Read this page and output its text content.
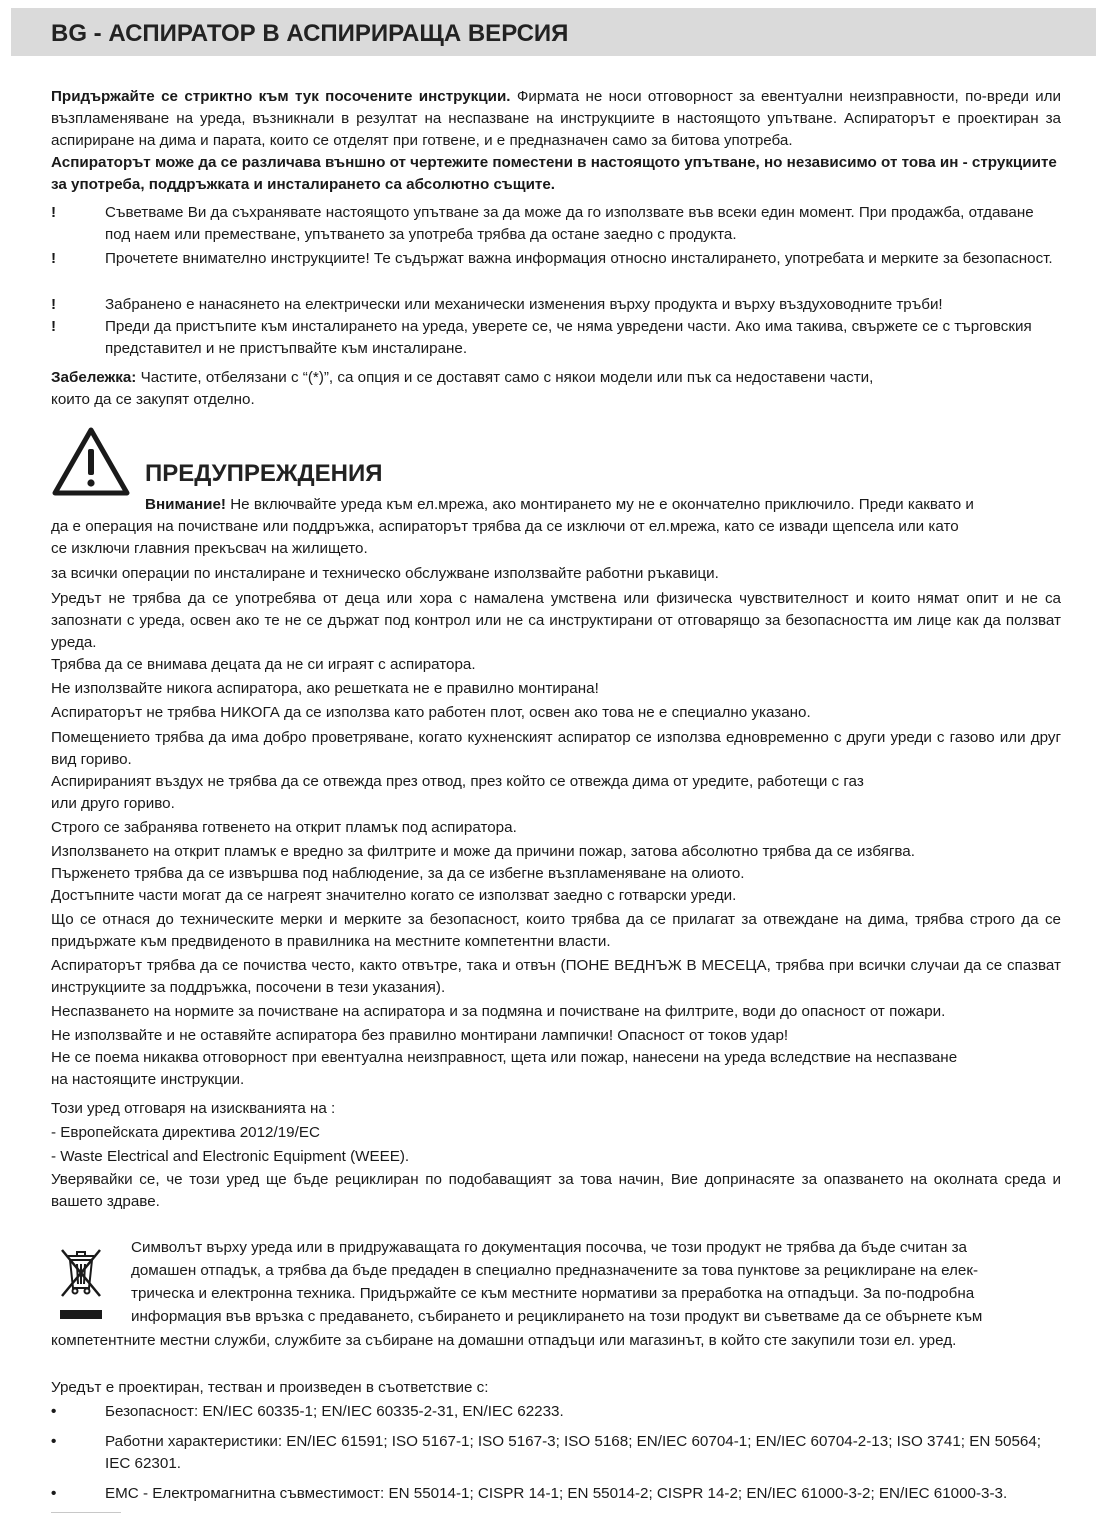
BG - АСПИРАТОР В АСПИРИРАЩА ВЕРСИЯ

Придържайте се стриктно към тук посочените инструкции. Фирмата не носи отговорност за евентуални неизправности, по-вреди или възпламеняване на уреда, възникнали в резултат на неспазване на инструкциите в настоящото упътване. Аспираторът е проектиран за аспириране на дима и парата, които се отделят при готвене, и е предназначен само за битова употреба.

Аспираторът може да се различава външно от чертежите поместени в настоящото упътване, но независимо от това ин - струкциите за употреба, поддръжката и инсталирането са абсолютно същите.

!	Съветваме Ви да съхранявате настоящото упътване за да може да го използвате във всеки един момент. При продажба, отдаване под наем или преместване, упътването за употреба трябва да остане заедно с продукта.
!	Прочетете внимателно инструкциите! Те съдържат важна информация относно инсталирането, употребата и мерките за безопасност.
!	Забранено е нанасянето на електрически или механически изменения върху продукта и върху въздуховодните тръби!
!	Преди да пристъпите към инсталирането на уреда, уверете се, че няма увредени части. Ако има такива, свържете се с търговския представител и не пристъпвайте към инсталиране.

Забележка: Частите, отбелязани с “(*)”, са опция и се доставят само с някои модели или пък са недоставени части,

които да се закупят отделно.

ПРЕДУПРЕЖДЕНИЯ

Внимание! Не включвайте уреда към ел.мрежа, ако монтирането му не е окончателно приключило. Преди каквато и

да е операция на почистване или поддръжка, аспираторът трябва да се изключи от ел.мрежа, като се извади щепсела или като

се изключи главния прекъсвач на жилището.

за всички операции по инсталиране и техническо обслужване използвайте работни ръкавици.

Уредът не трябва да се употребява от деца или хора с намалена умствена или физическа чувствителност и които нямат опит и не са запознати с уреда, освен ако те не се държат под контрол или не са инструктирани от отговарящо за безопасността им лице как да ползват уреда.

Трябва да се внимава децата да не си играят с аспиратора.

Не използвайте никога аспиратора, ако решетката не е правилно монтирана!

Аспираторът не трябва НИКОГА да се използва като работен плот, освен ако това не е специално указано.

Помещението трябва да има добро проветряване, когато кухненският аспиратор се използва едновременно с други уреди с газово или друг вид гориво.

Аспирираният въздух не трябва да се отвежда през отвод, през който се отвежда дима от уредите, работещи с газ

или друго гориво.

Строго се забранява готвенето на открит пламък под аспиратора.

Използването на открит пламък е вредно за филтрите и може да причини пожар, затова абсолютно трябва да се избягва.

Пърженето трябва да се извършва под наблюдение, за да се избегне възпламеняване на олиото.

Достъпните части могат да се нагреят значително когато се използват заедно с готварски уреди.

Що се отнася до техническите мерки и мерките за безопасност, които трябва да се прилагат за отвеждане на дима, трябва строго да се придържате към предвиденото в правилника на местните компетентни власти.

Аспираторът трябва да се почиства често, както отвътре, така и отвън (ПОНЕ ВЕДНЪЖ В МЕСЕЦА, трябва при всички случаи да се спазват инструкциите за поддръжка, посочени в тези указания).

Неспазването на нормите за почистване на аспиратора и за подмяна и почистване на филтрите, води до опасност от пожари.

Не използвайте и не оставяйте аспиратора без правилно монтирани лампички! Опасност от токов удар!

Не се поема никаква отговорност при евентуална неизправност, щета или пожар, нанесени на уреда вследствие на неспазване

на настоящите инструкции.

Този уред отговаря на изискванията на :

- Европейската директива 2012/19/EC

- Waste Electrical and Electronic Equipment (WEEE).

Уверявайки се, че този уред ще бъде рециклиран по подобаващият за това начин, Вие допринасяте за опазването на околната среда и вашето здраве.

Символът върху уреда или в придружаващата го документация посочва, че този продукт не трябва да бъде считан за

домашен отпадък, а трябва да бъде предаден в специално предназначените за това пунктове за рециклиране на елек-

трическа и електронна техника. Придържайте се към местните нормативи за преработка на отпадъци. За по-подробна

информация във връзка с предаването, събирането и рециклирането на този продукт ви съветваме да се обърнете към

компетентните местни служби, службите за събиране на домашни отпадъци или магазинът, в който сте закупили този ел. уред.

Уредът е проектиран, тестван и произведен в съответствие с:

•	Безопасност: EN/IEC 60335-1; EN/IEC 60335-2-31, EN/IEC 62233.
•	Работни характеристики: EN/IEC 61591; ISO 5167-1; ISO 5167-3; ISO 5168; EN/IEC 60704-1; EN/IEC 60704-2-13; ISO 3741; EN 50564; IEC 62301.
•	EMC - Електромагнитна съвместимост: EN 55014-1; CISPR 14-1; EN 55014-2; CISPR 14-2; EN/IEC 61000-3-2; EN/IEC 61000-3-3.
